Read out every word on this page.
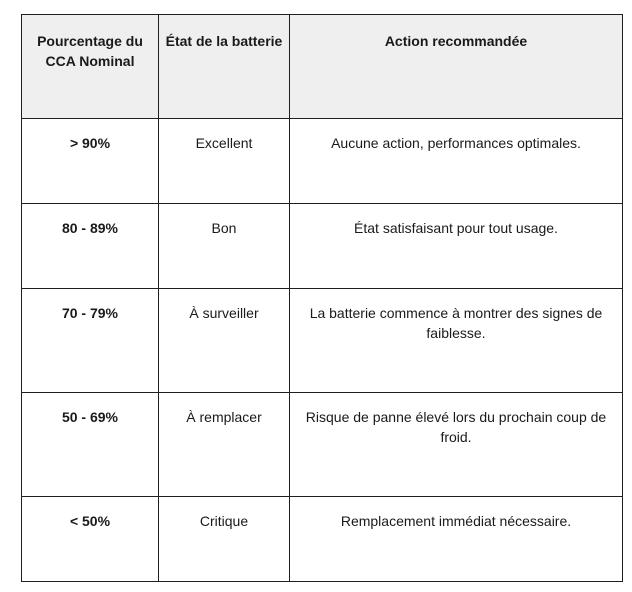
Pourcentage du CCA Nominal	État de la batterie	Action recommandée
> 90%	Excellent	Aucune action, performances optimales.
80 - 89%	Bon	État satisfaisant pour tout usage.
70 - 79%	À surveiller	La batterie commence à montrer des signes de faiblesse.
50 - 69%	À remplacer	Risque de panne élevé lors du prochain coup de froid.
< 50%	Critique	Remplacement immédiat nécessaire.
